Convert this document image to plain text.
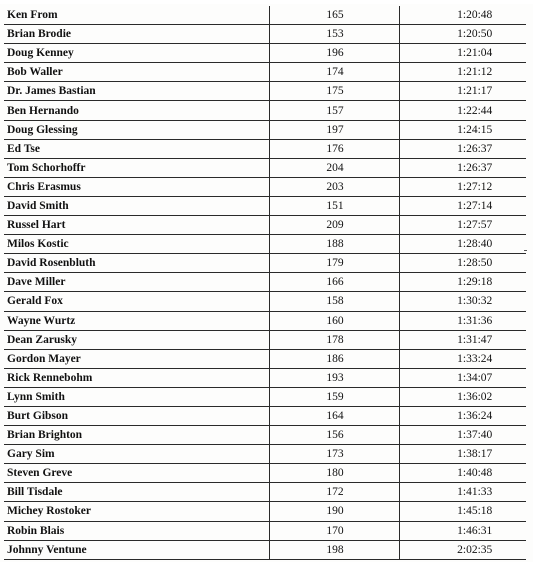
Ken From	165	1:20:48
Brian Brodie	153	1:20:50
Doug Kenney	196	1:21:04
Bob Waller	174	1:21:12
Dr. James Bastian	175	1:21:17
Ben Hernando	157	1:22:44
Doug Glessing	197	1:24:15
Ed Tse	176	1:26:37
Tom Schorhoffr	204	1:26:37
Chris Erasmus	203	1:27:12
David Smith	151	1:27:14
Russel Hart	209	1:27:57
Milos Kostic	188	1:28:40
David Rosenbluth	179	1:28:50
Dave Miller	166	1:29:18
Gerald Fox	158	1:30:32
Wayne Wurtz	160	1:31:36
Dean Zarusky	178	1:31:47
Gordon Mayer	186	1:33:24
Rick Rennebohm	193	1:34:07
Lynn Smith	159	1:36:02
Burt Gibson	164	1:36:24
Brian Brighton	156	1:37:40
Gary Sim	173	1:38:17
Steven Greve	180	1:40:48
Bill Tisdale	172	1:41:33
Michey Rostoker	190	1:45:18
Robin Blais	170	1:46:31
Johnny Ventune	198	2:02:35
